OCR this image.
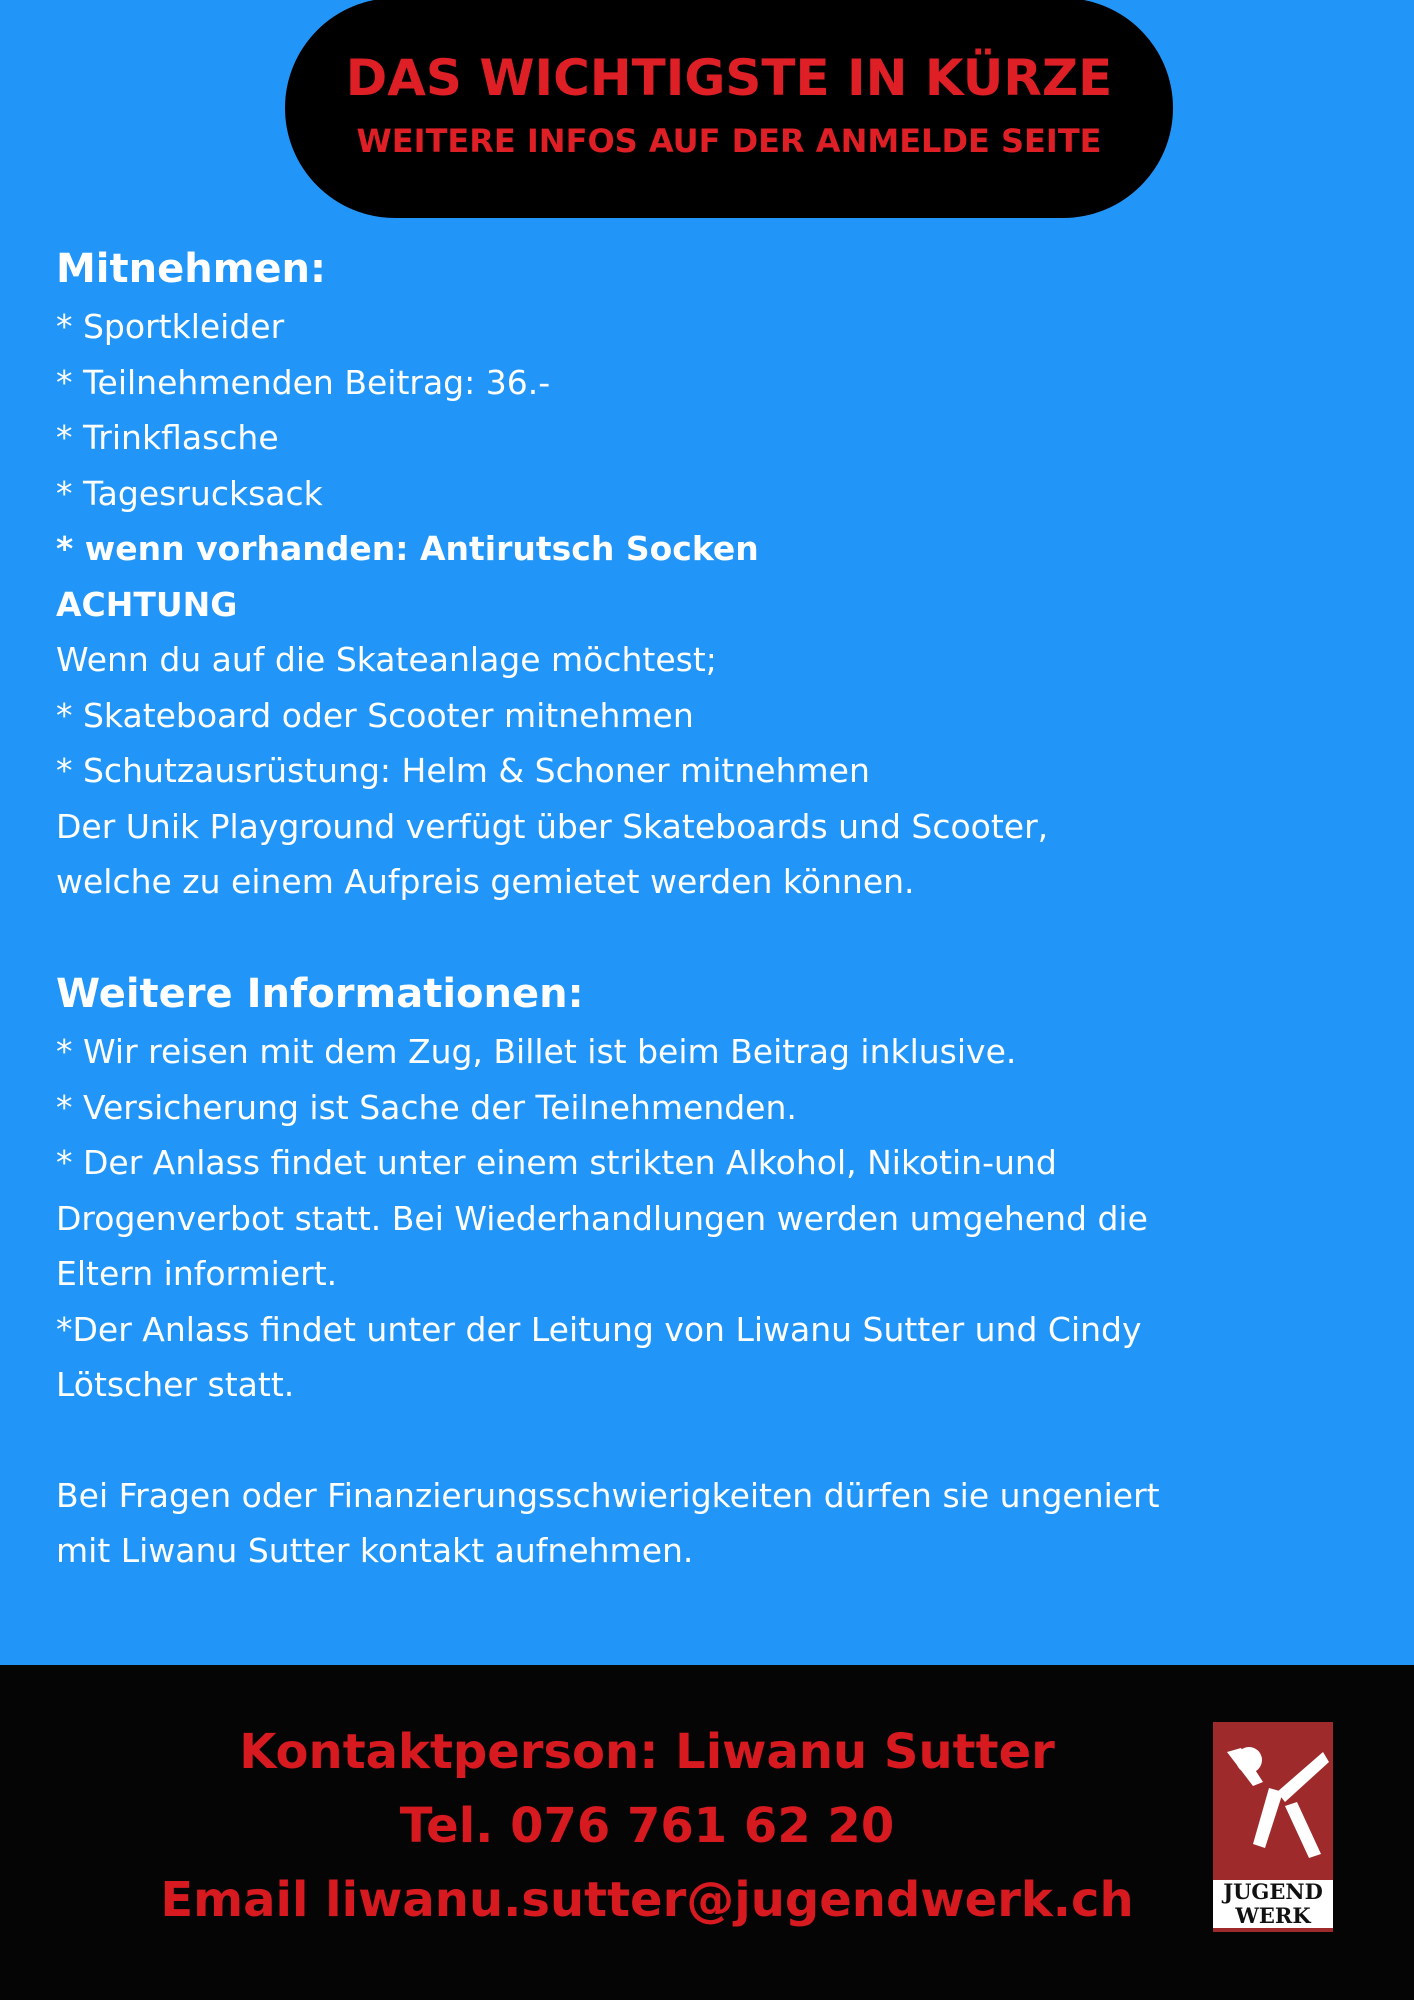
DAS WICHTIGSTE IN KÜRZE
WEITERE INFOS AUF DER ANMELDE SEITE
Mitnehmen:
* Sportkleider
* Teilnehmenden Beitrag: 36.-
* Trinkflasche
* Tagesrucksack
* wenn vorhanden: Antirutsch Socken
ACHTUNG
Wenn du auf die Skateanlage möchtest;
* Skateboard oder Scooter mitnehmen
* Schutzausrüstung: Helm & Schoner mitnehmen
Der Unik Playground verfügt über Skateboards und Scooter,
welche zu einem Aufpreis gemietet werden können.
Weitere Informationen:
* Wir reisen mit dem Zug, Billet ist beim Beitrag inklusive.
* Versicherung ist Sache der Teilnehmenden.
* Der Anlass findet unter einem strikten Alkohol, Nikotin-und
Drogenverbot statt. Bei Wiederhandlungen werden umgehend die
Eltern informiert.
*Der Anlass findet unter der Leitung von Liwanu Sutter und Cindy
Lötscher statt.
Bei Fragen oder Finanzierungsschwierigkeiten dürfen sie ungeniert
mit Liwanu Sutter kontakt aufnehmen.
Kontaktperson: Liwanu Sutter
Tel. 076 761 62 20
Email liwanu.sutter@jugendwerk.ch	JUGEND
WERK
